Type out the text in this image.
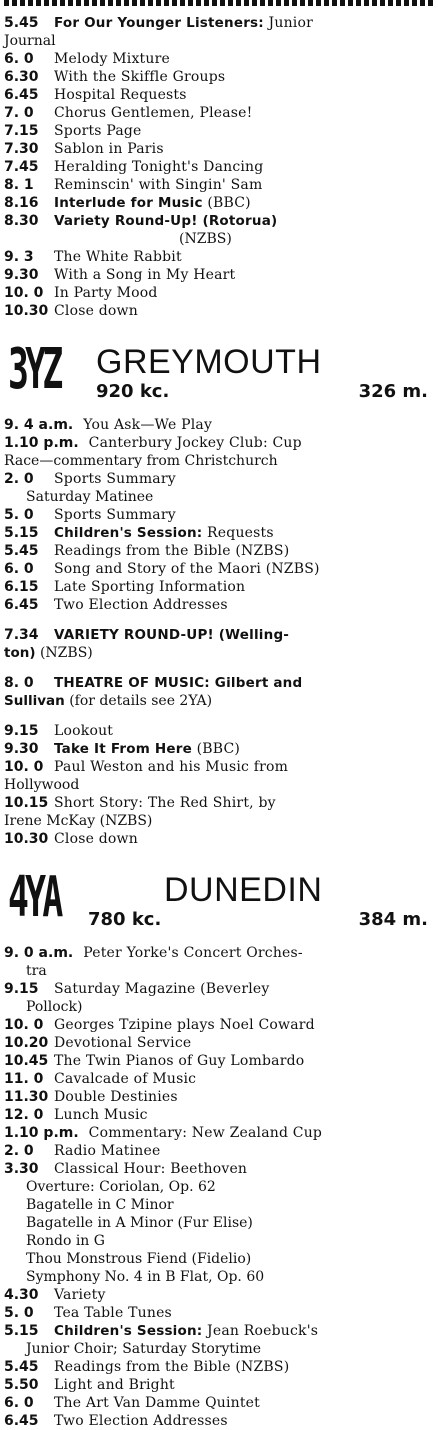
5.45	For Our Younger Listeners: Junior
Journal
6. 0	Melody Mixture
6.30	With the Skiffle Groups
6.45	Hospital Requests
7. 0	Chorus Gentlemen, Please!
7.15	Sports Page
7.30	Sablon in Paris
7.45	Heralding Tonight's Dancing
8. 1	Reminscin' with Singin' Sam
8.16	Interlude for Music (BBC)
8.30	Variety Round-Up! (Rotorua)
(NZBS)
9. 3	The White Rabbit
9.30	With a Song in My Heart
10. 0 In Party Mood
10.30 Close down
3YZ GREYMOUTH
920 kc.	326 m.
9. 4 a.m. You Ask—We Play
1.10 p.m. Canterbury Jockey Club: Cup
Race—commentary from Christchurch
2. 0	Sports Summary
Saturday Matinee
5. 0	Sports Summary
5.15	Children's Session: Requests
5.45	Readings from the Bible (NZBS)
6. 0	Song and Story of the Maori (NZBS)
6.15	Late Sporting Information
6.45	Two Election Addresses
7.34	VARIETY ROUND-UP! (Welling-
ton) (NZBS)
8. 0	THEATRE OF MUSIC: Gilbert and
Sullivan (for details see 2YA)
9.15	Lookout
9.30	Take It From Here (BBC)
10. 0 Paul Weston and his Music from
Hollywood
10.15 Short Story: The Red Shirt, by
Irene McKay (NZBS)
10.30 Close down
4YA	DUNEDIN
780 kc.	384 m.
9. 0 a.m. Peter Yorke's Concert Orches-
tra
9.15	Saturday Magazine (Beverley
Pollock)
10. 0 Georges Tzipine plays Noel Coward
10.20 Devotional Service
10.45 The Twin Pianos of Guy Lombardo
11. 0 Cavalcade of Music
11.30 Double Destinies
12. 0 Lunch Music
1.10 p.m. Commentary: New Zealand Cup
2. 0	Radio Matinee
3.30	Classical Hour: Beethoven
Overture: Coriolan, Op. 62
Bagatelle in C Minor
Bagatelle in A Minor (Fur Elise)
Rondo in G
Thou Monstrous Fiend (Fidelio)
Symphony No. 4 in B Flat, Op. 60
4.30	Variety
5. 0	Tea Table Tunes
5.15	Children's Session: Jean Roebuck's
Junior Choir; Saturday Storytime
5.45	Readings from the Bible (NZBS)
5.50	Light and Bright
6. 0	The Art Van Damme Quintet
6.45	Two Election Addresses
